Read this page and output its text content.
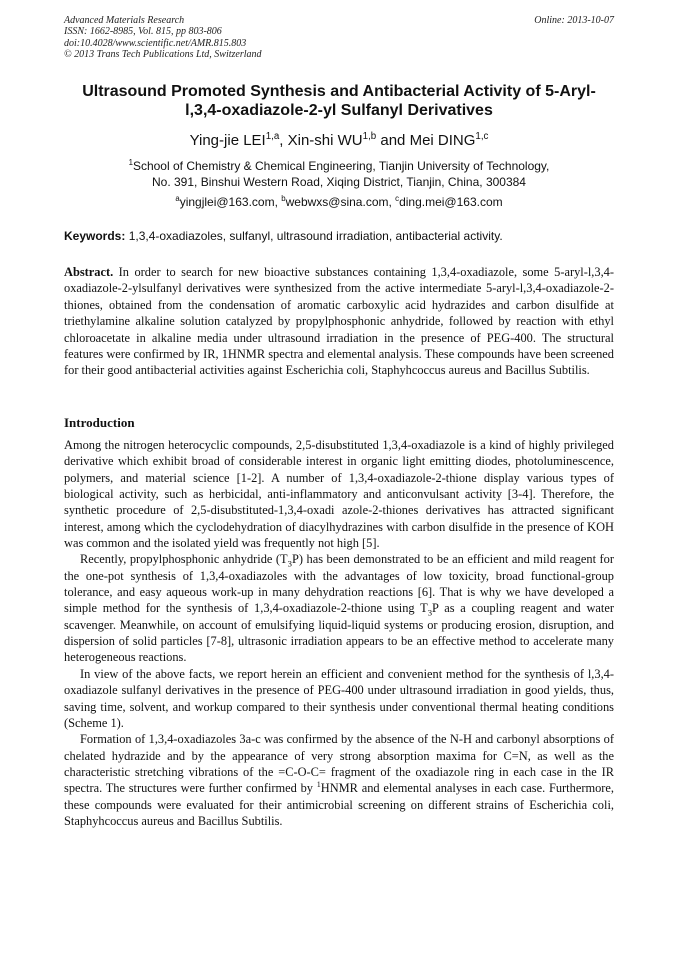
Advanced Materials Research
ISSN: 1662-8985, Vol. 815, pp 803-806
doi:10.4028/www.scientific.net/AMR.815.803
© 2013 Trans Tech Publications Ltd, Switzerland
Online: 2013-10-07
Ultrasound Promoted Synthesis and Antibacterial Activity of 5-Aryl-l,3,4-oxadiazole-2-yl Sulfanyl Derivatives
Ying-jie LEI$^{1,a}$, Xin-shi WU$^{1,b}$ and Mei DING$^{1,c}$
$^1$School of Chemistry & Chemical Engineering, Tianjin University of Technology,
No. 391, Binshui Western Road, Xiqing District, Tianjin, China, 300384
$^a$yingjlei@163.com, $^b$webwxs@sina.com, $^c$ding.mei@163.com
Keywords: 1,3,4-oxadiazoles, sulfanyl, ultrasound irradiation, antibacterial activity.
Abstract. In order to search for new bioactive substances containing 1,3,4-oxadiazole, some 5-aryl-l,3,4-oxadiazole-2-ylsulfanyl derivatives were synthesized from the active intermediate 5-aryl-l,3,4-oxadiazole-2-thiones, obtained from the condensation of aromatic carboxylic acid hydrazides and carbon disulfide at triethylamine alkaline solution catalyzed by propylphosphonic anhydride, followed by reaction with ethyl chloroacetate in alkaline media under ultrasound irradiation in the presence of PEG-400. The structural features were confirmed by IR, 1HNMR spectra and elemental analysis. These compounds have been screened for their good antibacterial activities against Escherichia coli, Staphyhcoccus aureus and Bacillus Subtilis.
Introduction

Among the nitrogen heterocyclic compounds, 2,5-disubstituted 1,3,4-oxadiazole is a kind of highly privileged derivative which exhibit broad of considerable interest in organic light emitting diodes, photoluminescence, polymers, and material science [1-2]. A number of 1,3,4-oxadiazole-2-thione display various types of biological activity, such as herbicidal, anti-inflammatory and anticonvulsant activity [3-4]. Therefore, the synthetic procedure of 2,5-disubstituted-1,3,4-oxadi azole-2-thiones derivatives has attracted significant interest, among which the cyclodehydration of diacylhydrazines with carbon disulfide in the presence of KOH was common and the isolated yield was frequently not high [5].

Recently, propylphosphonic anhydride $(T_3P)$ has been demonstrated to be an efficient and mild reagent for the one-pot synthesis of 1,3,4-oxadiazoles with the advantages of low toxicity, broad functional-group tolerance, and easy aqueous work-up in many dehydration reactions [6]. That is why we have developed a simple method for the synthesis of 1,3,4-oxadiazole-2-thione using $T_3P$ as a coupling reagent and water scavenger. Meanwhile, on account of emulsifying liquid-liquid systems or producing erosion, disruption, and dispersion of solid particles [7-8], ultrasonic irradiation appears to be an effective method to accelerate many heterogeneous reactions.

In view of the above facts, we report herein an efficient and convenient method for the synthesis of l,3,4-oxadiazole sulfanyl derivatives in the presence of PEG-400 under ultrasound irradiation in good yields, thus, saving time, solvent, and workup compared to their synthesis under conventional thermal heating conditions (Scheme 1).

Formation of 1,3,4-oxadiazoles 3a-c was confirmed by the absence of the N-H and carbonyl absorptions of chelated hydrazide and by the appearance of very strong absorption maxima for C=N, as well as the characteristic stretching vibrations of the =C-O-C= fragment of the oxadiazole ring in each case in the IR spectra. The structures were further confirmed by $^1$HNMR and elemental analyses in each case. Furthermore, these compounds were evaluated for their antimicrobial screening on different strains of Escherichia coli, Staphyhcoccus aureus and Bacillus Subtilis.
